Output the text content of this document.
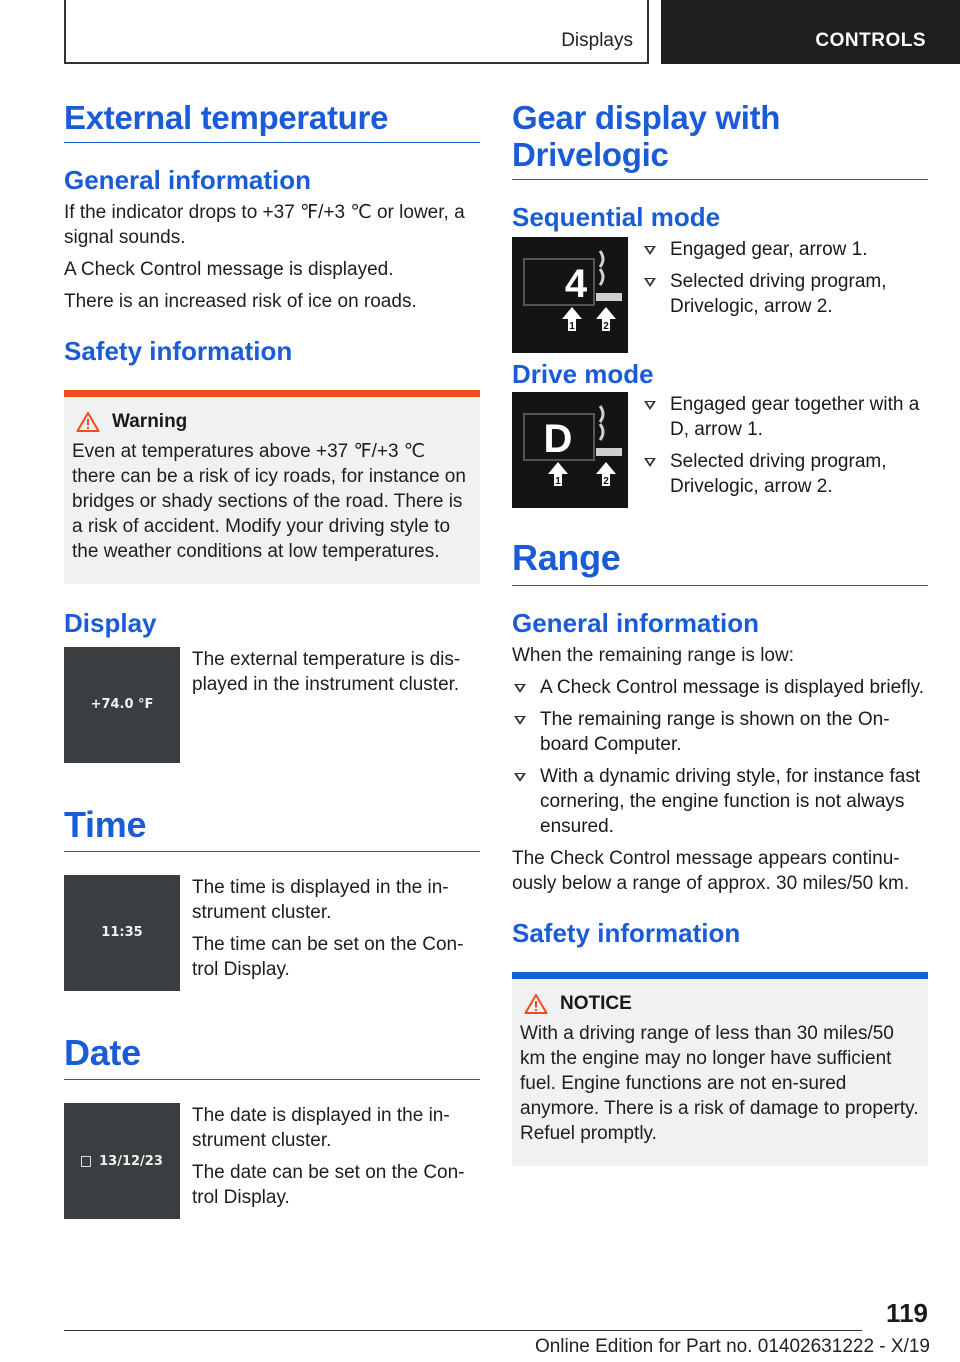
Displays	CONTROLS
External temperature
General information

If the indicator drops to +37 ℉/+3 ℃ or lower, a signal sounds.

A Check Control message is displayed.

There is an increased risk of ice on roads.

Safety information
Warning

Even at temperatures above +37 ℉/+3 ℃ there can be a risk of icy roads, for instance on bridges or shady sections of the road. There is a risk of accident. Modify your driving style to the weather conditions at low temperatures.

Display
+74.0 °F

The external temperature is dis-played in the instrument cluster.

Time
11:35

The time is displayed in the in-strument cluster.

The time can be set on the Con-trol Display.

Date
13/12/23

The date is displayed in the in-strument cluster.

The date can be set on the Con-trol Display.

Gear display with Drivelogic
Sequential mode
4
1	2
Engaged gear, arrow 1.
Selected driving program, Drivelogic, arrow 2.
Drive mode
D
1	2
Engaged gear together with a D, arrow 1.
Selected driving program, Drivelogic, arrow 2.
Range
General information

When the remaining range is low:

A Check Control message is displayed briefly.
The remaining range is shown on the On-board Computer.
With a dynamic driving style, for instance fast cornering, the engine function is not always ensured.

The Check Control message appears continu-ously below a range of approx. 30 miles/50 km.

Safety information
NOTICE

With a driving range of less than 30 miles/50 km the engine may no longer have sufficient fuel. Engine functions are not en-sured anymore. There is a risk of damage to property. Refuel promptly.

119
Online Edition for Part no. 01402631222 - X/19
